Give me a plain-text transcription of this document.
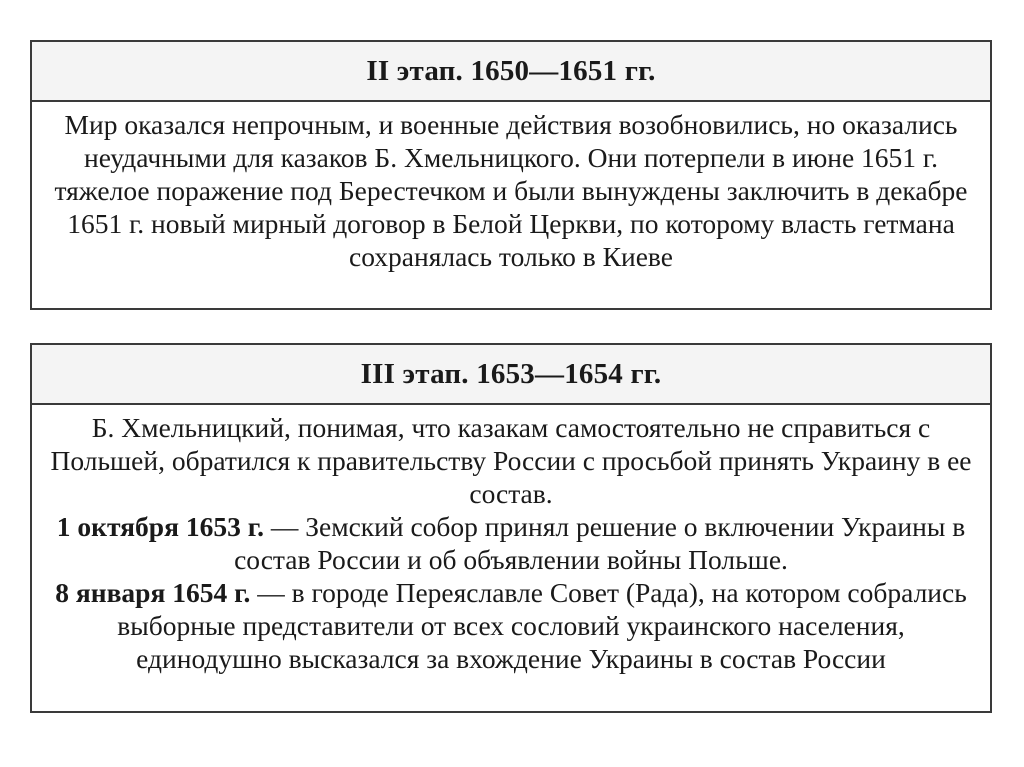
II этап. 1650—1651 гг.

Мир оказался непрочным, и военные действия возобновились, но оказались неудачными для казаков Б. Хмельницкого. Они потерпели в июне 1651 г. тяжелое поражение под Берестечком и были вынуждены заключить в декабре 1651 г. новый мирный договор в Белой Церкви, по которому власть гетмана сохранялась только в Киеве

III этап. 1653—1654 гг.

Б. Хмельницкий, понимая, что казакам самостоятельно не справиться с Польшей, обратился к правительству России с просьбой принять Украину в ее состав.

1 октября 1653 г. — Земский собор принял решение о включении Украины в состав России и об объявлении войны Польше.

8 января 1654 г. — в городе Переяславле Совет (Рада), на котором собрались выборные представители от всех сословий украинского населения, единодушно высказался за вхождение Украины в состав России
